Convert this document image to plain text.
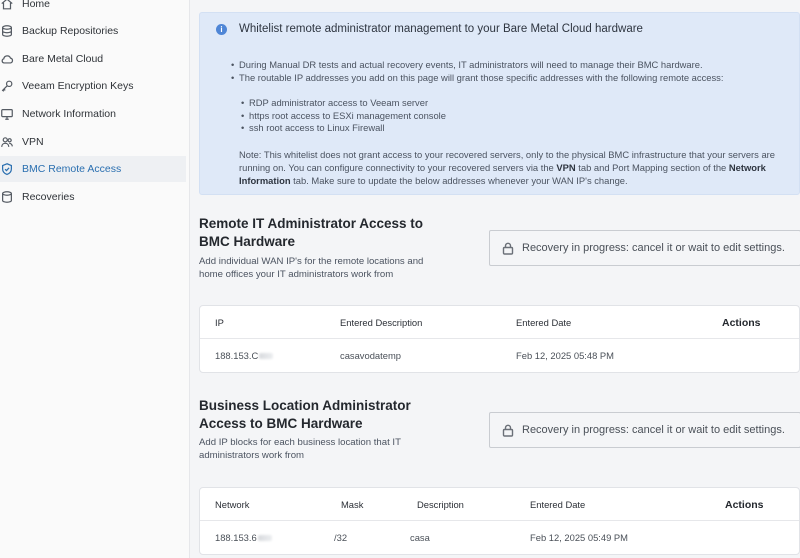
Home
Backup Repositories
Bare Metal Cloud
Veeam Encryption Keys
Network Information
VPN
BMC Remote Access
Recoveries
i	Whitelist remote administrator management to your Bare Metal Cloud hardware
• During Manual DR tests and actual recovery events, IT administrators will need to manage their BMC hardware.
• The routable IP addresses you add on this page will grant those specific addresses with the following remote access:
• RDP administrator access to Veeam server
• https root access to ESXi management console
• ssh root access to Linux Firewall

Note: This whitelist does not grant access to your recovered servers, only to the physical BMC infrastructure that your servers are running on. You can configure connectivity to your recovered servers via the VPN tab and Port Mapping section of the Network Information tab. Make sure to update the below addresses whenever your WAN IP's change.

Remote IT Administrator Access to
BMC Hardware

Add individual WAN IP's for the remote locations and
home offices your IT administrators work from

Recovery in progress: cancel it or wait to edit settings.
IP	Entered Description	Entered Date	Actions
188.153.C	casavodatemp	Feb 12, 2025 05:48 PM
Business Location Administrator
Access to BMC Hardware

Add IP blocks for each business location that IT
administrators work from

Recovery in progress: cancel it or wait to edit settings.
Network	Mask	Description	Entered Date	Actions
188.153.6	/32	casa	Feb 12, 2025 05:49 PM
